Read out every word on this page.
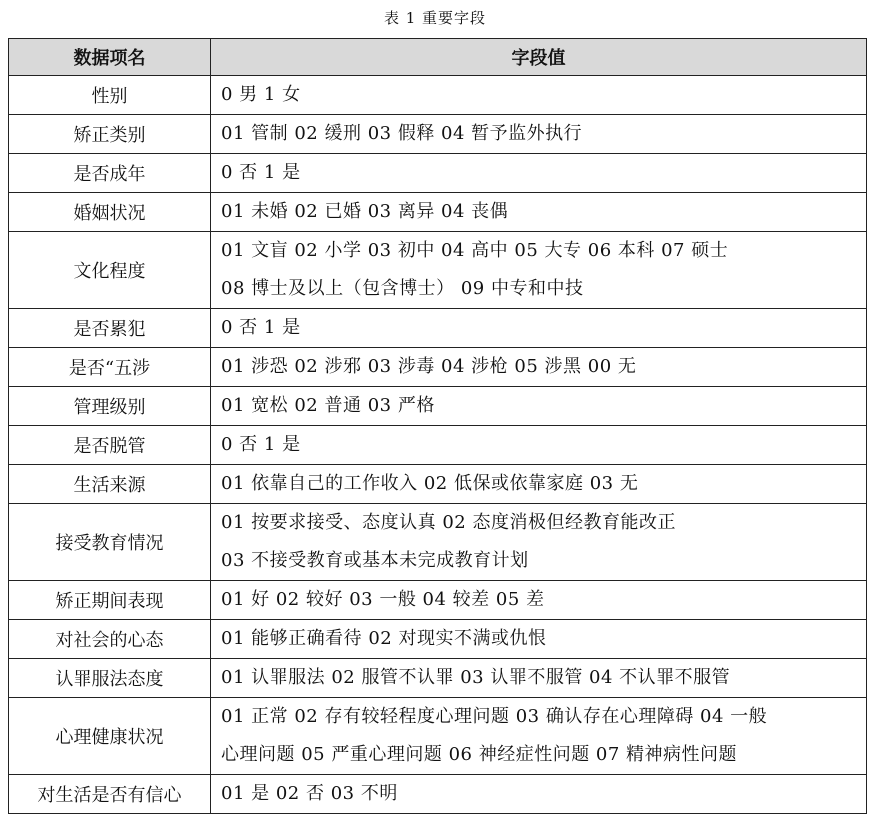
表 1 重要字段
数据项名	字段值
性别	0 男 1 女

矫正类别	01 管制 02 缓刑 03 假释 04 暂予监外执行

是否成年	0 否 1 是

婚姻状况	01 未婚 02 已婚 03 离异 04 丧偶

文化程度	01 文盲 02 小学 03 初中 04 高中 05 大专 06 本科 07 硕士
08 博士及以上（包含博士） 09 中专和中技

是否累犯	0 否 1 是

是否“五涉	01 涉恐 02 涉邪 03 涉毒 04 涉枪 05 涉黑 00 无

管理级别	01 宽松 02 普通 03 严格

是否脱管	0 否 1 是

生活来源	01 依靠自己的工作收入 02 低保或依靠家庭 03 无

接受教育情况	01 按要求接受、态度认真 02 态度消极但经教育能改正
03 不接受教育或基本未完成教育计划

矫正期间表现	01 好 02 较好 03 一般 04 较差 05 差

对社会的心态	01 能够正确看待 02 对现实不满或仇恨

认罪服法态度	01 认罪服法 02 服管不认罪 03 认罪不服管 04 不认罪不服管

心理健康状况	01 正常 02 存有较轻程度心理问题 03 确认存在心理障碍 04 一般
心理问题 05 严重心理问题 06 神经症性问题 07 精神病性问题

对生活是否有信心	01 是 02 否 03 不明
